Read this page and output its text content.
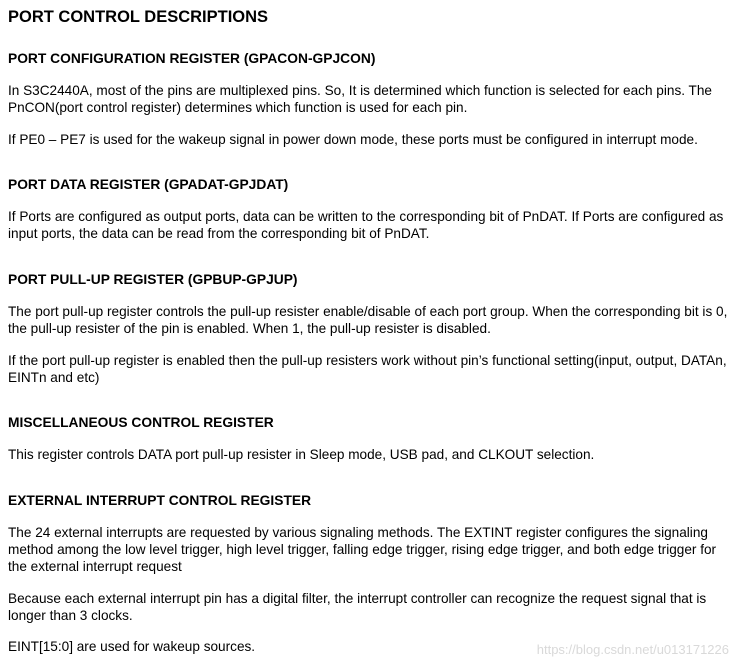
PORT CONTROL DESCRIPTIONS
PORT CONFIGURATION REGISTER (GPACON-GPJCON)

In S3C2440A, most of the pins are multiplexed pins. So, It is determined which function is selected for each pins. The PnCON(port control register) determines which function is used for each pin.

If PE0 – PE7 is used for the wakeup signal in power down mode, these ports must be configured in interrupt mode.

PORT DATA REGISTER (GPADAT-GPJDAT)

If Ports are configured as output ports, data can be written to the corresponding bit of PnDAT. If Ports are configured as input ports, the data can be read from the corresponding bit of PnDAT.

PORT PULL-UP REGISTER (GPBUP-GPJUP)

The port pull-up register controls the pull-up resister enable/disable of each port group. When the corresponding bit is 0, the pull-up resister of the pin is enabled. When 1, the pull-up resister is disabled.

If the port pull-up register is enabled then the pull-up resisters work without pin’s functional setting(input, output, DATAn, EINTn and etc)

MISCELLANEOUS CONTROL REGISTER

This register controls DATA port pull-up resister in Sleep mode, USB pad, and CLKOUT selection.

EXTERNAL INTERRUPT CONTROL REGISTER

The 24 external interrupts are requested by various signaling methods. The EXTINT register configures the signaling method among the low level trigger, high level trigger, falling edge trigger, rising edge trigger, and both edge trigger for the external interrupt request

Because each external interrupt pin has a digital filter, the interrupt controller can recognize the request signal that is longer than 3 clocks.

EINT[15:0] are used for wakeup sources.	https://blog.csdn.net/u013171226
